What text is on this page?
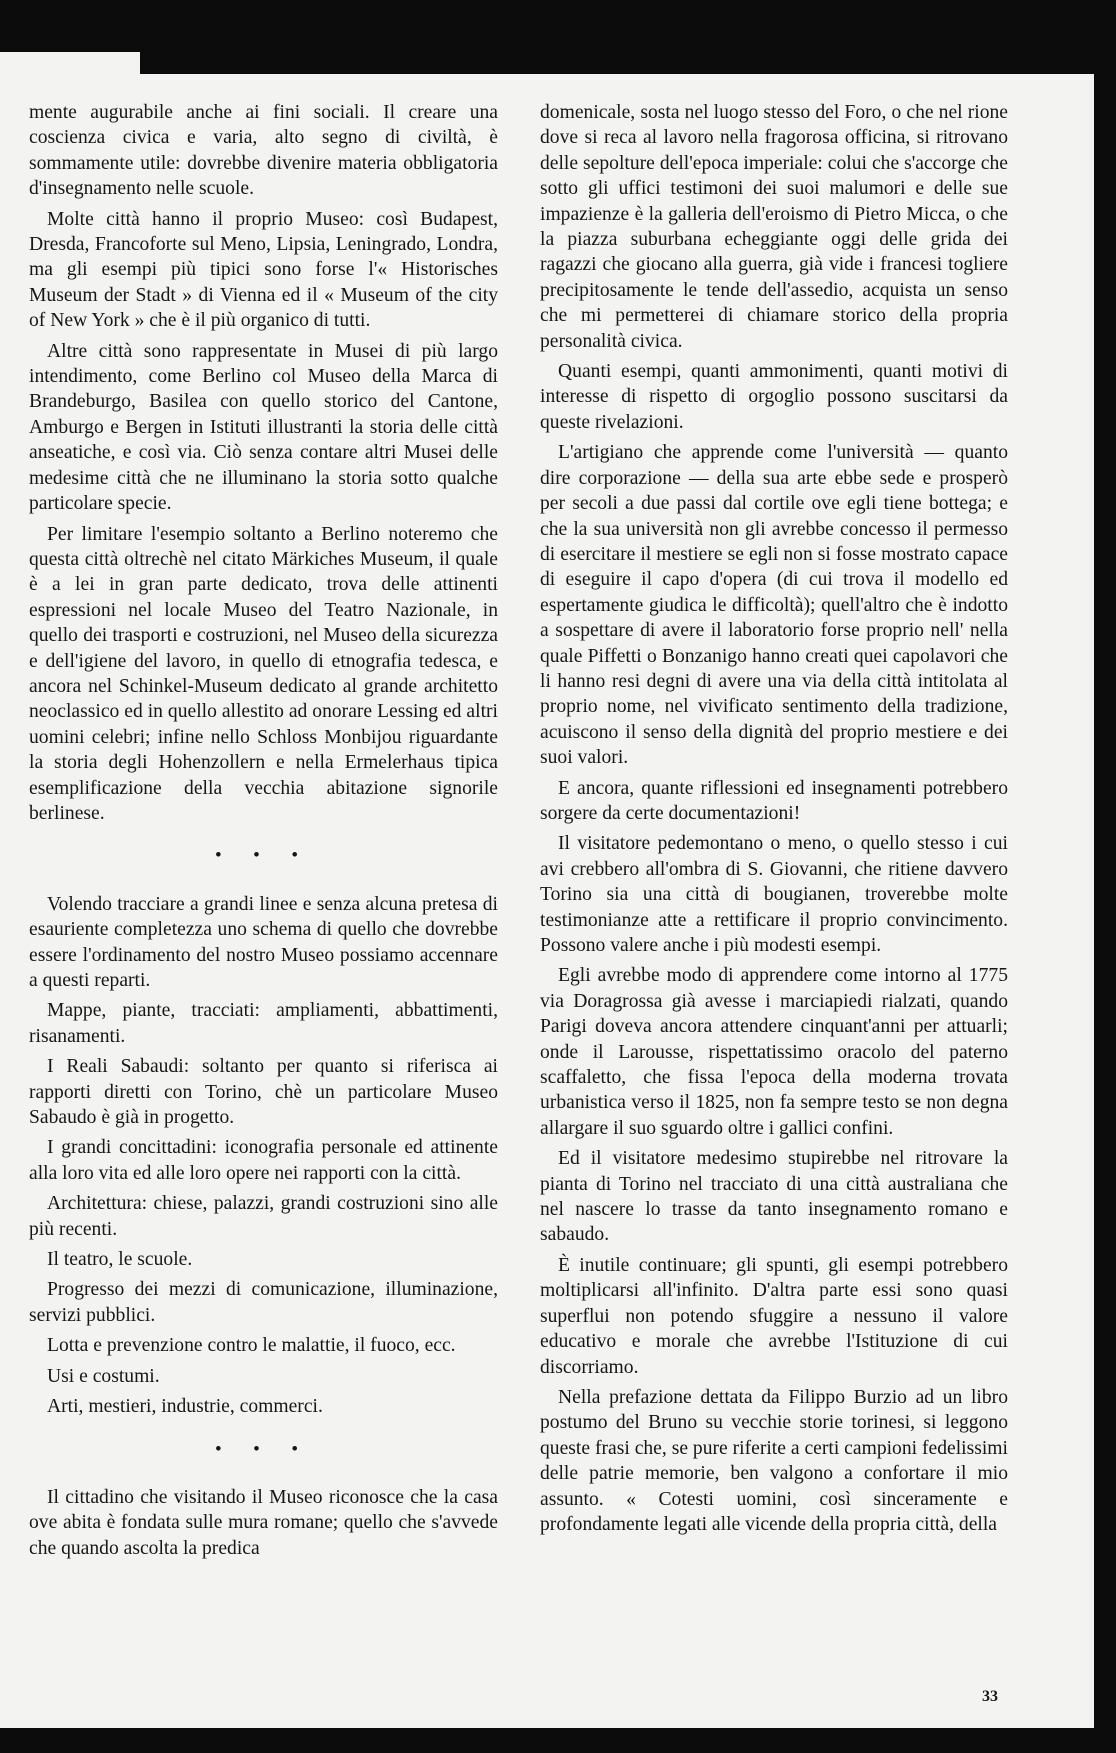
mente augurabile anche ai fini sociali. Il creare una coscienza civica e varia, alto segno di civiltà, è sommamente utile: dovrebbe divenire materia obbligatoria d'insegnamento nelle scuole.

Molte città hanno il proprio Museo: così Budapest, Dresda, Francoforte sul Meno, Lipsia, Leningrado, Londra, ma gli esempi più tipici sono forse l'« Historisches Museum der Stadt » di Vienna ed il « Museum of the city of New York » che è il più organico di tutti.

Altre città sono rappresentate in Musei di più largo intendimento, come Berlino col Museo della Marca di Brandeburgo, Basilea con quello storico del Cantone, Amburgo e Bergen in Istituti illustranti la storia delle città anseatiche, e così via. Ciò senza contare altri Musei delle medesime città che ne illuminano la storia sotto qualche particolare specie.

Per limitare l'esempio soltanto a Berlino noteremo che questa città oltrechè nel citato Märkiches Museum, il quale è a lei in gran parte dedicato, trova delle attinenti espressioni nel locale Museo del Teatro Nazionale, in quello dei trasporti e costruzioni, nel Museo della sicurezza e dell'igiene del lavoro, in quello di etnografia tedesca, e ancora nel Schinkel-Museum dedicato al grande architetto neoclassico ed in quello allestito ad onorare Lessing ed altri uomini celebri; infine nello Schloss Monbijou riguardante la storia degli Hohenzollern e nella Ermelerhaus tipica esemplificazione della vecchia abitazione signorile berlinese.

• • •

Volendo tracciare a grandi linee e senza alcuna pretesa di esauriente completezza uno schema di quello che dovrebbe essere l'ordinamento del nostro Museo possiamo accennare a questi reparti.

Mappe, piante, tracciati: ampliamenti, abbattimenti, risanamenti.

I Reali Sabaudi: soltanto per quanto si riferisca ai rapporti diretti con Torino, chè un particolare Museo Sabaudo è già in progetto.

I grandi concittadini: iconografia personale ed attinente alla loro vita ed alle loro opere nei rapporti con la città.

Architettura: chiese, palazzi, grandi costruzioni sino alle più recenti.

Il teatro, le scuole.

Progresso dei mezzi di comunicazione, illuminazione, servizi pubblici.

Lotta e prevenzione contro le malattie, il fuoco, ecc.

Usi e costumi.

Arti, mestieri, industrie, commerci.

• • •

Il cittadino che visitando il Museo riconosce che la casa ove abita è fondata sulle mura romane; quello che s'avvede che quando ascolta la predica

domenicale, sosta nel luogo stesso del Foro, o che nel rione dove si reca al lavoro nella fragorosa officina, si ritrovano delle sepolture dell'epoca imperiale: colui che s'accorge che sotto gli uffici testimoni dei suoi malumori e delle sue impazienze è la galleria dell'eroismo di Pietro Micca, o che la piazza suburbana echeggiante oggi delle grida dei ragazzi che giocano alla guerra, già vide i francesi togliere precipitosamente le tende dell'assedio, acquista un senso che mi permetterei di chiamare storico della propria personalità civica.

Quanti esempi, quanti ammonimenti, quanti motivi di interesse di rispetto di orgoglio possono suscitarsi da queste rivelazioni.

L'artigiano che apprende come l'università — quanto dire corporazione — della sua arte ebbe sede e prosperò per secoli a due passi dal cortile ove egli tiene bottega; e che la sua università non gli avrebbe concesso il permesso di esercitare il mestiere se egli non si fosse mostrato capace di eseguire il capo d'opera (di cui trova il modello ed espertamente giudica le difficoltà); quell'altro che è indotto a sospettare di avere il laboratorio forse proprio nell' nella quale Piffetti o Bonzanigo hanno creati quei capolavori che li hanno resi degni di avere una via della città intitolata al proprio nome, nel vivificato sentimento della tradizione, acuiscono il senso della dignità del proprio mestiere e dei suoi valori.

E ancora, quante riflessioni ed insegnamenti potrebbero sorgere da certe documentazioni!

Il visitatore pedemontano o meno, o quello stesso i cui avi crebbero all'ombra di S. Giovanni, che ritiene davvero Torino sia una città di bougianen, troverebbe molte testimonianze atte a rettificare il proprio convincimento. Possono valere anche i più modesti esempi.

Egli avrebbe modo di apprendere come intorno al 1775 via Doragrossa già avesse i marciapiedi rialzati, quando Parigi doveva ancora attendere cinquant'anni per attuarli; onde il Larousse, rispettatissimo oracolo del paterno scaffaletto, che fissa l'epoca della moderna trovata urbanistica verso il 1825, non fa sempre testo se non degna allargare il suo sguardo oltre i gallici confini.

Ed il visitatore medesimo stupirebbe nel ritrovare la pianta di Torino nel tracciato di una città australiana che nel nascere lo trasse da tanto insegnamento romano e sabaudo.

È inutile continuare; gli spunti, gli esempi potrebbero moltiplicarsi all'infinito. D'altra parte essi sono quasi superflui non potendo sfuggire a nessuno il valore educativo e morale che avrebbe l'Istituzione di cui discorriamo.

Nella prefazione dettata da Filippo Burzio ad un libro postumo del Bruno su vecchie storie torinesi, si leggono queste frasi che, se pure riferite a certi campioni fedelissimi delle patrie memorie, ben valgono a confortare il mio assunto. « Cotesti uomini, così sinceramente e profondamente legati alle vicende della propria città, della

33
